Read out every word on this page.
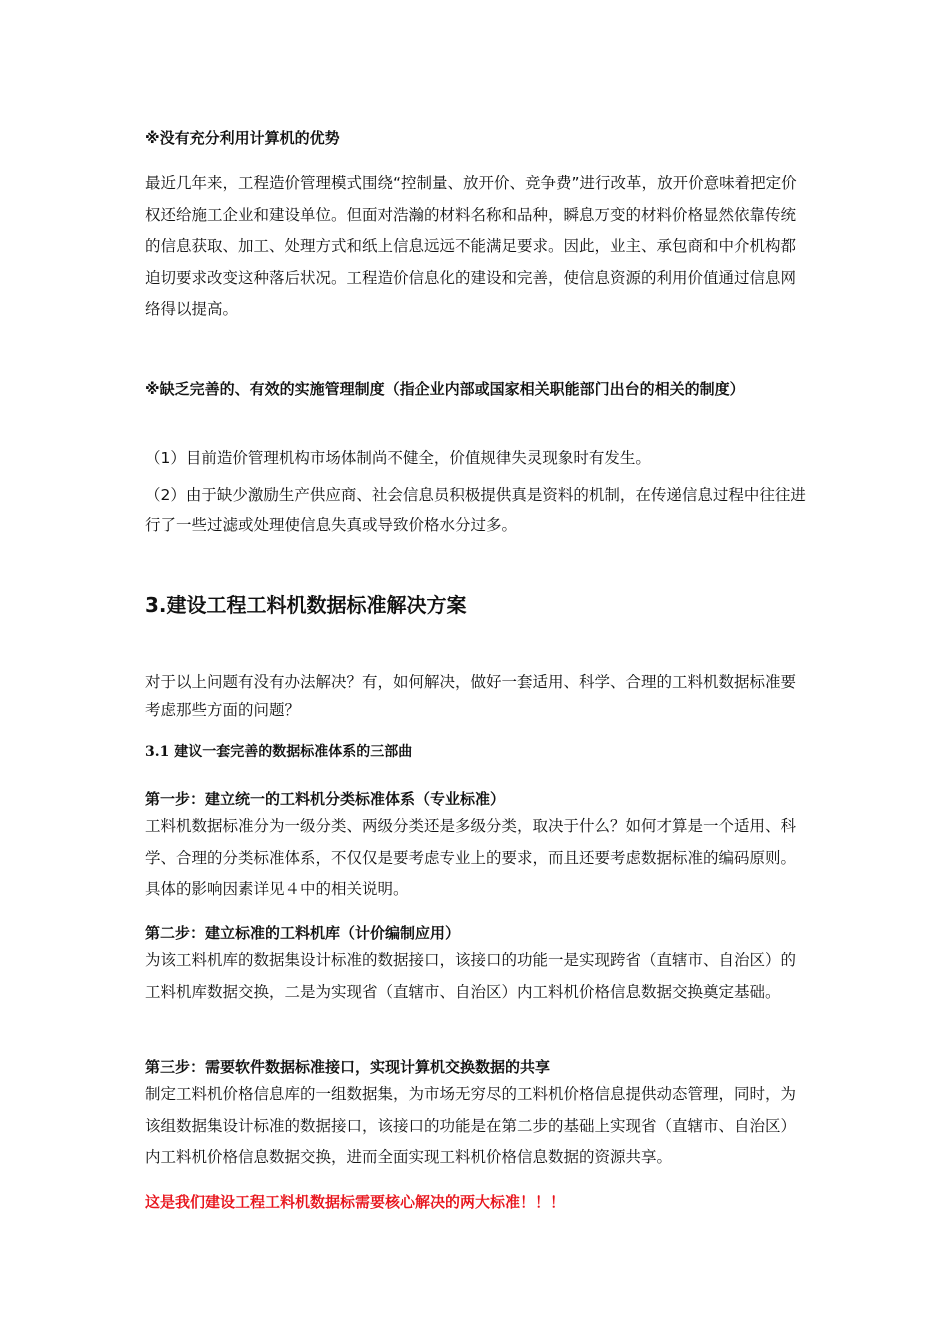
※没有充分利用计算机的优势

最近几年来，工程造价管理模式围绕“控制量、放开价、竞争费”进行改革，放开价意味着把定价权还给施工企业和建设单位。但面对浩瀚的材料名称和品种，瞬息万变的材料价格显然依靠传统的信息获取、加工、处理方式和纸上信息远远不能满足要求。因此，业主、承包商和中介机构都迫切要求改变这种落后状况。工程造价信息化的建设和完善，使信息资源的利用价值通过信息网络得以提高。

※缺乏完善的、有效的实施管理制度（指企业内部或国家相关职能部门出台的相关的制度）

（1）目前造价管理机构市场体制尚不健全，价值规律失灵现象时有发生。

（2）由于缺少激励生产供应商、社会信息员积极提供真是资料的机制，在传递信息过程中往往进行了一些过滤或处理使信息失真或导致价格水分过多。

3.建设工程工料机数据标准解决方案

对于以上问题有没有办法解决？有，如何解决，做好一套适用、科学、合理的工料机数据标准要考虑那些方面的问题？

3.1 建议一套完善的数据标准体系的三部曲

第一步：建立统一的工料机分类标准体系（专业标准）

工料机数据标准分为一级分类、两级分类还是多级分类，取决于什么？如何才算是一个适用、科学、合理的分类标准体系，不仅仅是要考虑专业上的要求，而且还要考虑数据标准的编码原则。具体的影响因素详见４中的相关说明。

第二步：建立标准的工料机库（计价编制应用）

为该工料机库的数据集设计标准的数据接口，该接口的功能一是实现跨省（直辖市、自治区）的工料机库数据交换，二是为实现省（直辖市、自治区）内工料机价格信息数据交换奠定基础。

第三步：需要软件数据标准接口，实现计算机交换数据的共享

制定工料机价格信息库的一组数据集，为市场无穷尽的工料机价格信息提供动态管理，同时，为该组数据集设计标准的数据接口，该接口的功能是在第二步的基础上实现省（直辖市、自治区）内工料机价格信息数据交换，进而全面实现工料机价格信息数据的资源共享。

这是我们建设工程工料机数据标需要核心解决的两大标准！！！
